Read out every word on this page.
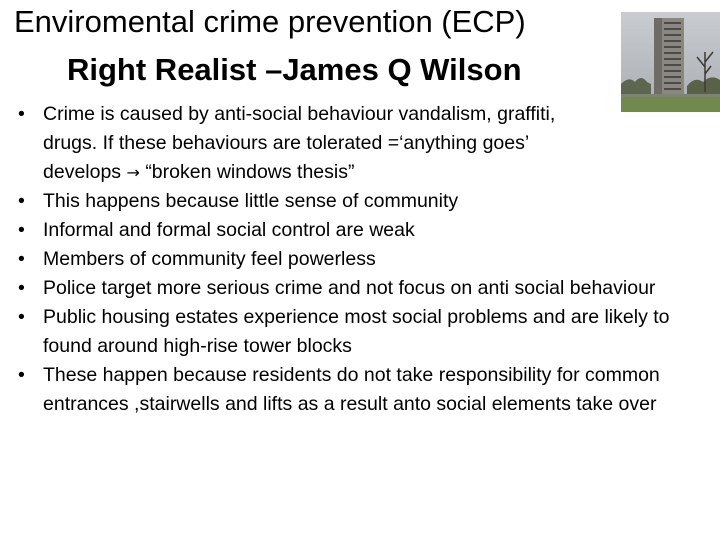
Enviromental crime prevention (ECP)
Right Realist –James Q Wilson
• Crime is caused by anti-social behaviour vandalism, graffiti,
drugs. If these behaviours are tolerated =‘anything goes’
develops → “broken windows thesis”
• This happens because little sense of community
• Informal and formal social control are weak
• Members of community feel powerless
• Police target more serious crime and not focus on anti social behaviour
• Public housing estates experience most social problems and are likely to found around high-rise tower blocks
• These happen because residents do not take responsibility for common entrances ,stairwells and lifts as a result anto social elements take over
